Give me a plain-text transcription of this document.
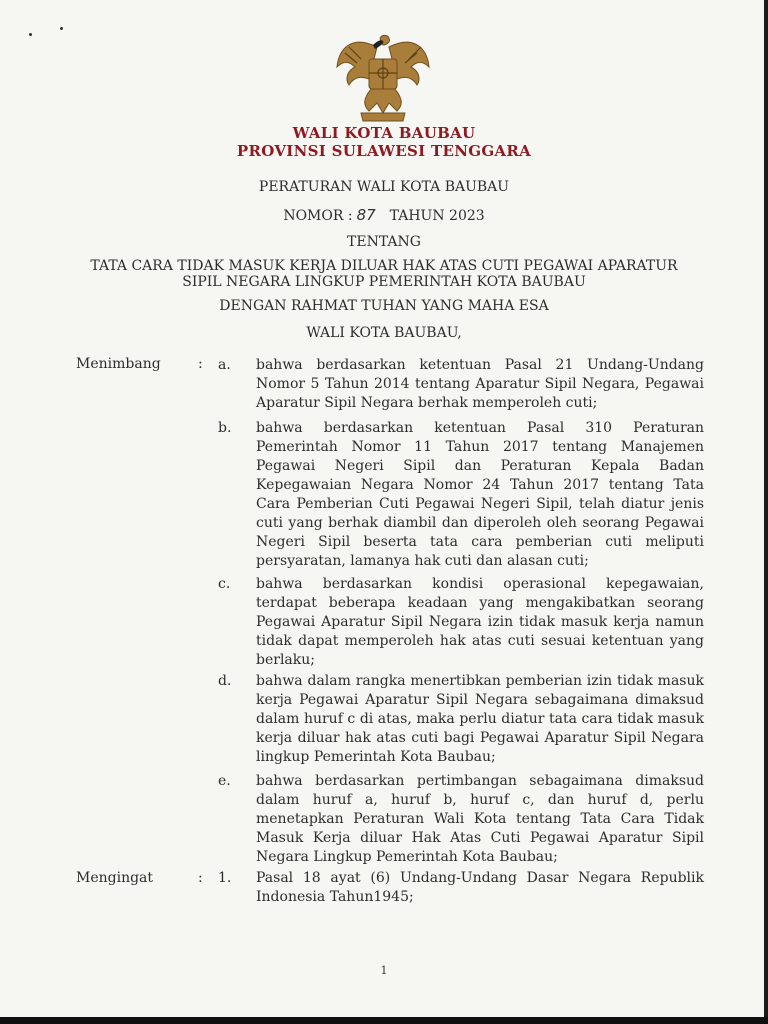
WALI KOTA BAUBAU
PROVINSI SULAWESI TENGGARA
PERATURAN WALI KOTA BAUBAU
NOMOR : 87 TAHUN 2023
TENTANG
TATA CARA TIDAK MASUK KERJA DILUAR HAK ATAS CUTI PEGAWAI APARATUR
SIPIL NEGARA LINGKUP PEMERINTAH KOTA BAUBAU
DENGAN RAHMAT TUHAN YANG MAHA ESA
WALI KOTA BAUBAU,
Menimbang	: a. bahwa berdasarkan ketentuan Pasal 21 Undang-Undang Nomor 5 Tahun 2014 tentang Aparatur Sipil Negara, Pegawai Aparatur Sipil Negara berhak memperoleh cuti;
b. bahwa berdasarkan ketentuan Pasal 310 Peraturan Pemerintah Nomor 11 Tahun 2017 tentang Manajemen Pegawai Negeri Sipil dan Peraturan Kepala Badan Kepegawaian Negara Nomor 24 Tahun 2017 tentang Tata Cara Pemberian Cuti Pegawai Negeri Sipil, telah diatur jenis cuti yang berhak diambil dan diperoleh oleh seorang Pegawai Negeri Sipil beserta tata cara pemberian cuti meliputi persyaratan, lamanya hak cuti dan alasan cuti;
c. bahwa berdasarkan kondisi operasional kepegawaian, terdapat beberapa keadaan yang mengakibatkan seorang Pegawai Aparatur Sipil Negara izin tidak masuk kerja namun tidak dapat memperoleh hak atas cuti sesuai ketentuan yang berlaku;
d. bahwa dalam rangka menertibkan pemberian izin tidak masuk kerja Pegawai Aparatur Sipil Negara sebagaimana dimaksud dalam huruf c di atas, maka perlu diatur tata cara tidak masuk kerja diluar hak atas cuti bagi Pegawai Aparatur Sipil Negara lingkup Pemerintah Kota Baubau;
e. bahwa berdasarkan pertimbangan sebagaimana dimaksud dalam huruf a, huruf b, huruf c, dan huruf d, perlu menetapkan Peraturan Wali Kota tentang Tata Cara Tidak Masuk Kerja diluar Hak Atas Cuti Pegawai Aparatur Sipil Negara Lingkup Pemerintah Kota Baubau;
Mengingat	: 1. Pasal 18 ayat (6) Undang-Undang Dasar Negara Republik Indonesia Tahun1945;
1
